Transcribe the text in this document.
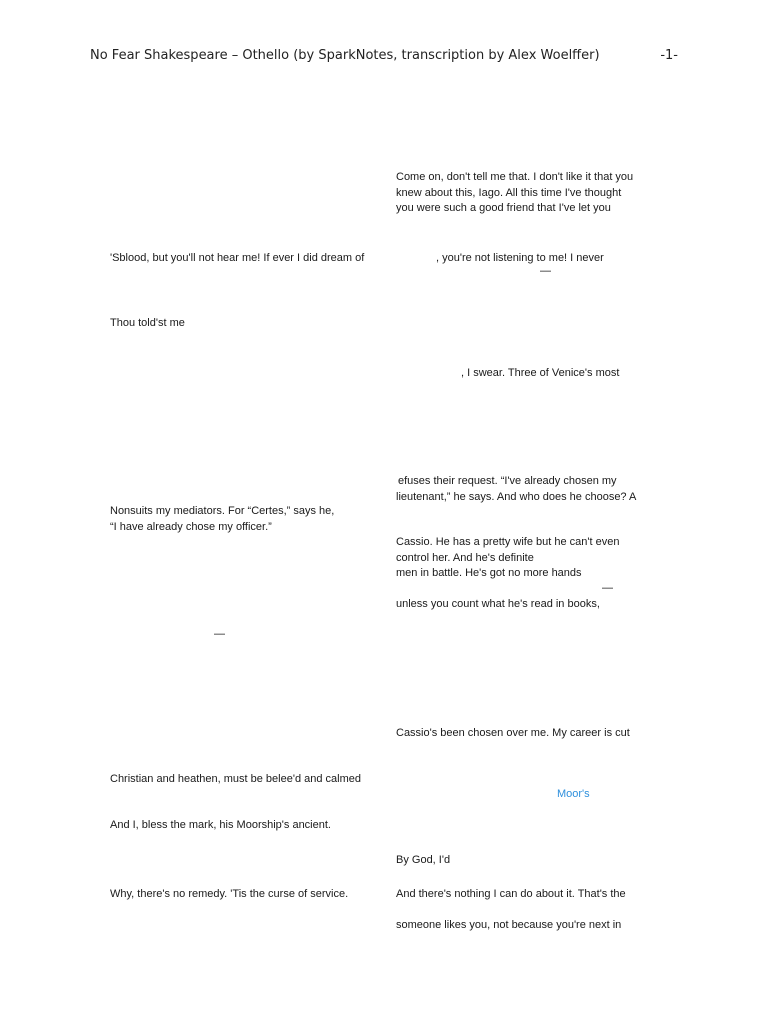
No Fear Shakespeare – Othello (by SparkNotes, transcription by Alex Woelffer)	-1-
Come on, don't tell me that. I don't like it that you
knew about this, Iago. All this time I've thought
you were such a good friend that I've let you
'Sblood, but you'll not hear me! If ever I did dream of	, you're not listening to me! I never
—
Thou told'st me
, I swear. Three of Venice's most
efuses their request. “I've already chosen my
lieutenant,” he says. And who does he choose? A
Nonsuits my mediators. For “Certes,” says he,
“I have already chose my officer.”
Cassio. He has a pretty wife but he can't even
control her. And he's definite
men in battle. He's got no more hands
—
unless you count what he's read in books,
—
Cassio's been chosen over me. My career is cut
Christian and heathen, must be belee'd and calmed
Moor's
And I, bless the mark, his Moorship's ancient.
By God, I'd
Why, there's no remedy. 'Tis the curse of service.	And there's nothing I can do about it. That's the
someone likes you, not because you're next in
